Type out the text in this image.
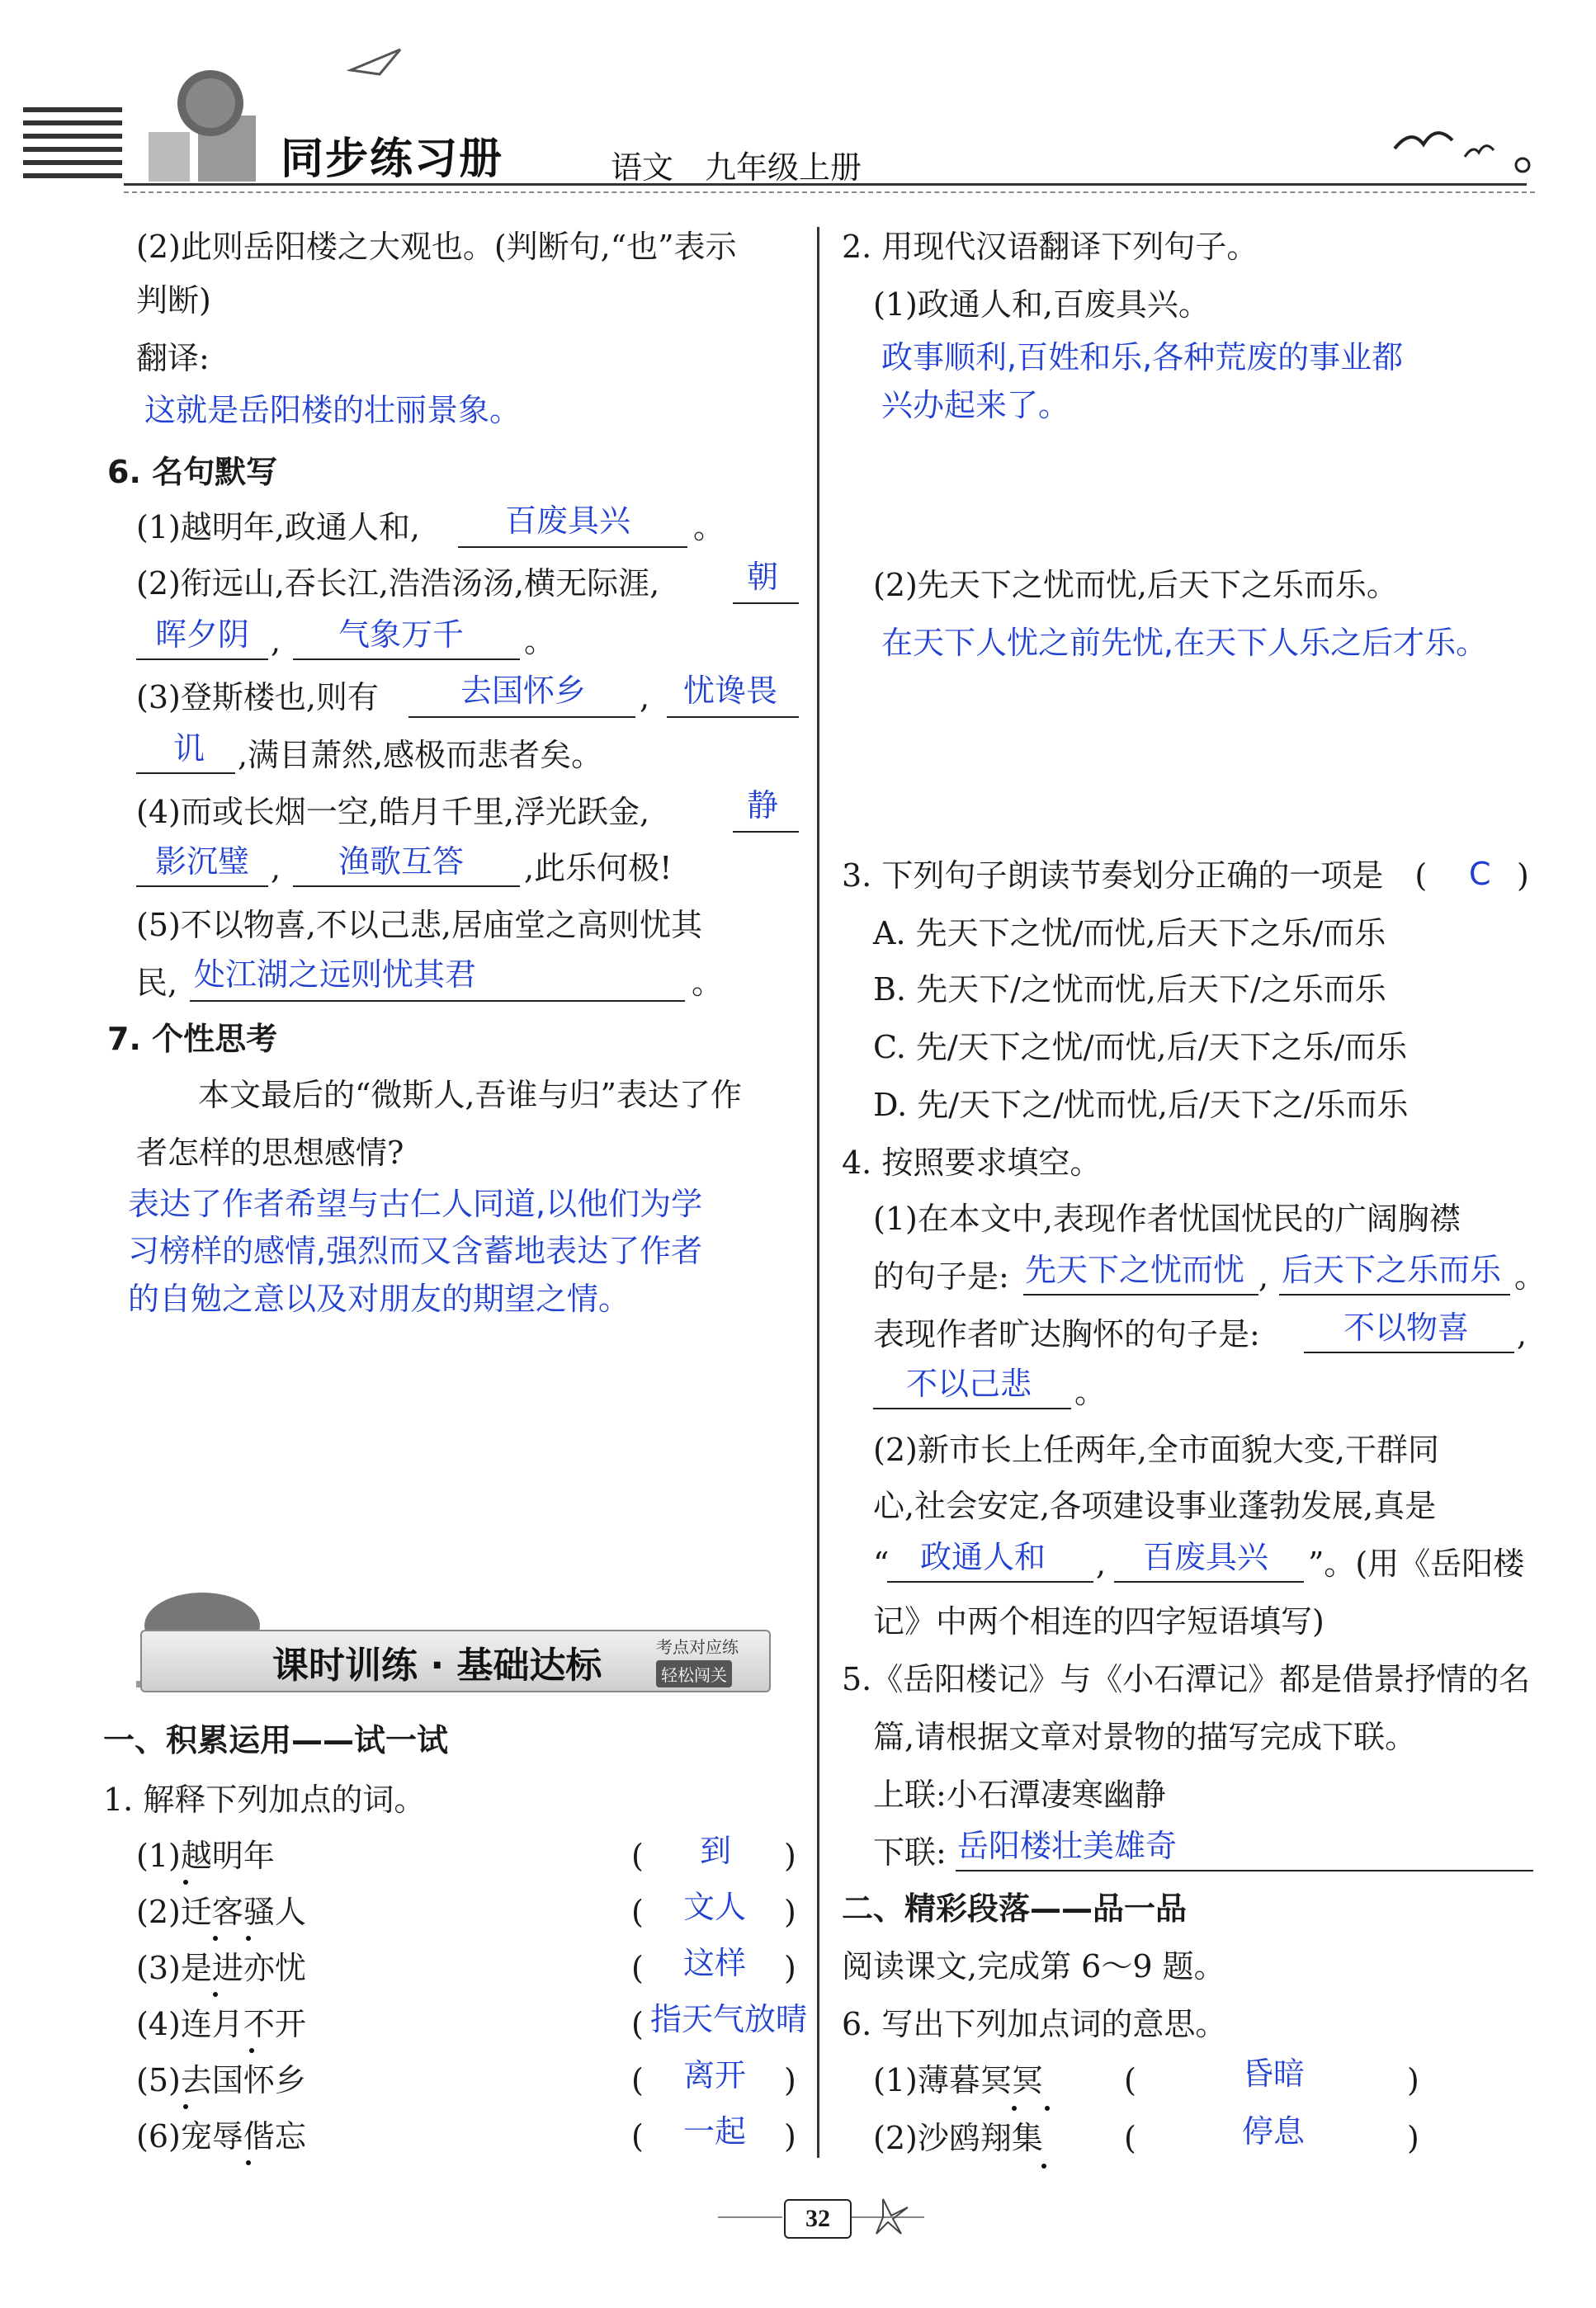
同步练习册	语文　九年级上册
(2)此则岳阳楼之大观也。(判断句,“也”表示
判断)
翻译:
这就是岳阳楼的壮丽景象。
6. 名句默写
(1)越明年,政通人和,	百废具兴 。
(2)衔远山,吞长江,浩浩汤汤,横无际涯,	朝
晖夕阴 , 气象万千 。
(3)登斯楼也,则有	去国怀乡 , 忧谗畏
讥 ,满目萧然,感极而悲者矣。
(4)而或长烟一空,皓月千里,浮光跃金,	静
影沉璧 , 渔歌互答 ,此乐何极!
(5)不以物喜,不以己悲,居庙堂之高则忧其
民, 处江湖之远则忧其君	。
7. 个性思考
本文最后的“微斯人,吾谁与归”表达了作
者怎样的思想感情?
表达了作者希望与古仁人同道,以他们为学
习榜样的感情,强烈而又含蓄地表达了作者
的自勉之意以及对朋友的期望之情。
课时训练 · 基础达标	考点对应练
轻松闯关
一、积累运用——试一试
1. 解释下列加点的词。
(1)越明年	( 到 )
(2)迁客骚人	( 文人 )
(3)是进亦忧	( 这样 )
(4)连月不开	( 指天气放晴
(5)去国怀乡	( 离开 )
(6)宠辱偕忘	( 一起 )
2. 用现代汉语翻译下列句子。
(1)政通人和,百废具兴。
政事顺利,百姓和乐,各种荒废的事业都
兴办起来了。
(2)先天下之忧而忧,后天下之乐而乐。
在天下人忧之前先忧,在天下人乐之后才乐。
3. 下列句子朗读节奏划分正确的一项是　( C )
A. 先天下之忧/而忧,后天下之乐/而乐
B. 先天下/之忧而忧,后天下/之乐而乐
C. 先/天下之忧/而忧,后/天下之乐/而乐
D. 先/天下之/忧而忧,后/天下之/乐而乐
4. 按照要求填空。
(1)在本文中,表现作者忧国忧民的广阔胸襟
的句子是: 先天下之忧而忧 , 后天下之乐而乐 。
表现作者旷达胸怀的句子是:	不以物喜 ,
不以己悲 。
(2)新市长上任两年,全市面貌大变,干群同
心,社会安定,各项建设事业蓬勃发展,真是
“ 政通人和 , 百废具兴 ”。(用《岳阳楼
记》中两个相连的四字短语填写)
5.《岳阳楼记》与《小石潭记》都是借景抒情的名
篇,请根据文章对景物的描写完成下联。
上联:小石潭凄寒幽静
下联: 岳阳楼壮美雄奇
二、精彩段落——品一品
阅读课文,完成第 6～9 题。
6. 写出下列加点词的意思。
(1)薄暮冥冥	(	昏暗	)
(2)沙鸥翔集	(	停息	)
32
